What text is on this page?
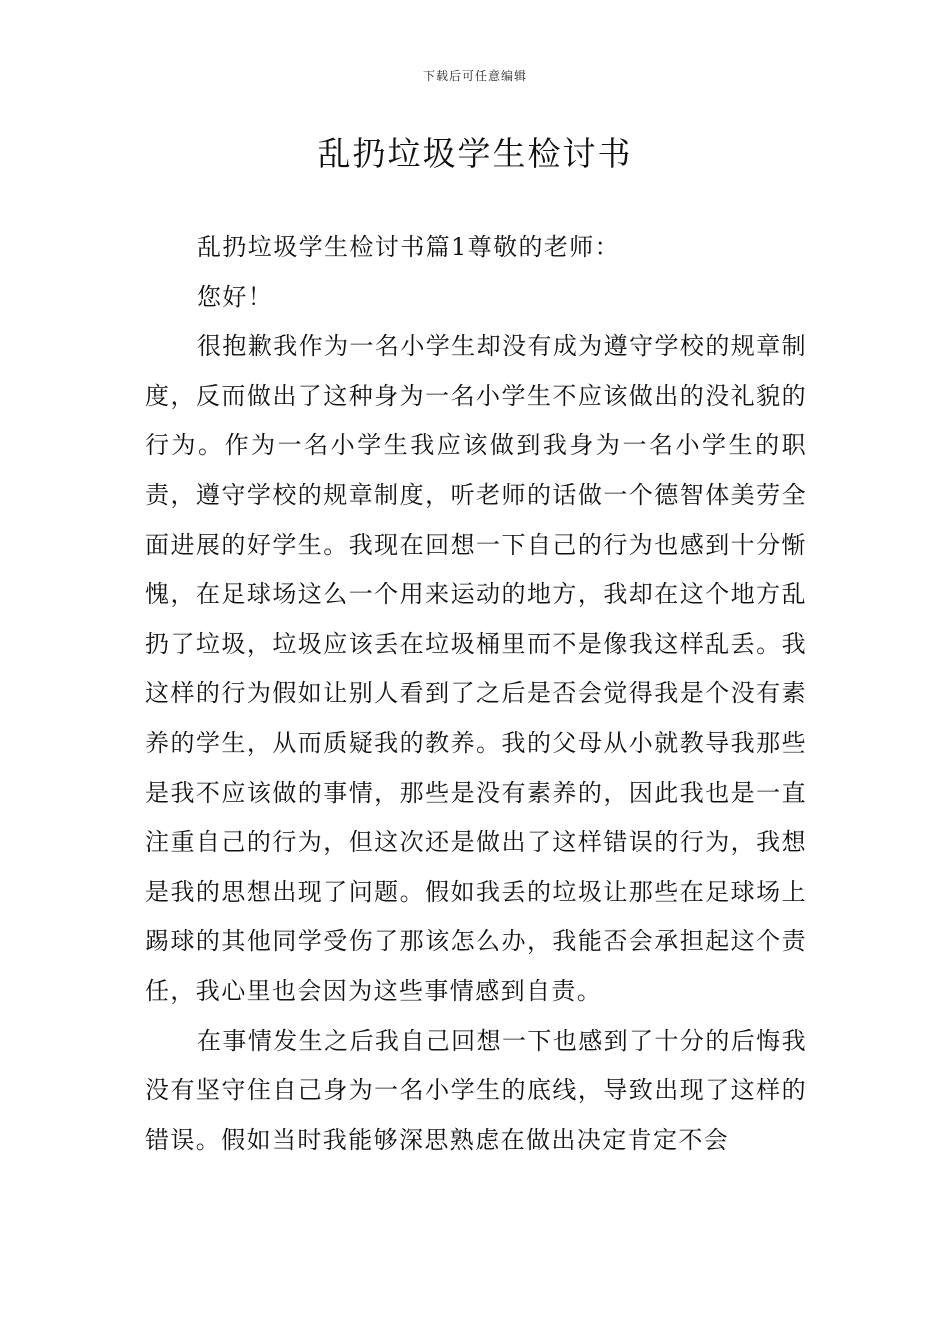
下载后可任意编辑
乱扔垃圾学生检讨书

乱扔垃圾学生检讨书篇1尊敬的老师：

您好！

很抱歉我作为一名小学生却没有成为遵守学校的规章制度，反而做出了这种身为一名小学生不应该做出的没礼貌的行为。作为一名小学生我应该做到我身为一名小学生的职责，遵守学校的规章制度，听老师的话做一个德智体美劳全面进展的好学生。我现在回想一下自己的行为也感到十分惭愧，在足球场这么一个用来运动的地方，我却在这个地方乱扔了垃圾，垃圾应该丢在垃圾桶里而不是像我这样乱丢。我这样的行为假如让别人看到了之后是否会觉得我是个没有素养的学生，从而质疑我的教养。我的父母从小就教导我那些是我不应该做的事情，那些是没有素养的，因此我也是一直注重自己的行为，但这次还是做出了这样错误的行为，我想是我的思想出现了问题。假如我丢的垃圾让那些在足球场上踢球的其他同学受伤了那该怎么办，我能否会承担起这个责任，我心里也会因为这些事情感到自责。

在事情发生之后我自己回想一下也感到了十分的后悔我没有坚守住自己身为一名小学生的底线，导致出现了这样的错误。假如当时我能够深思熟虑在做出决定肯定不会
